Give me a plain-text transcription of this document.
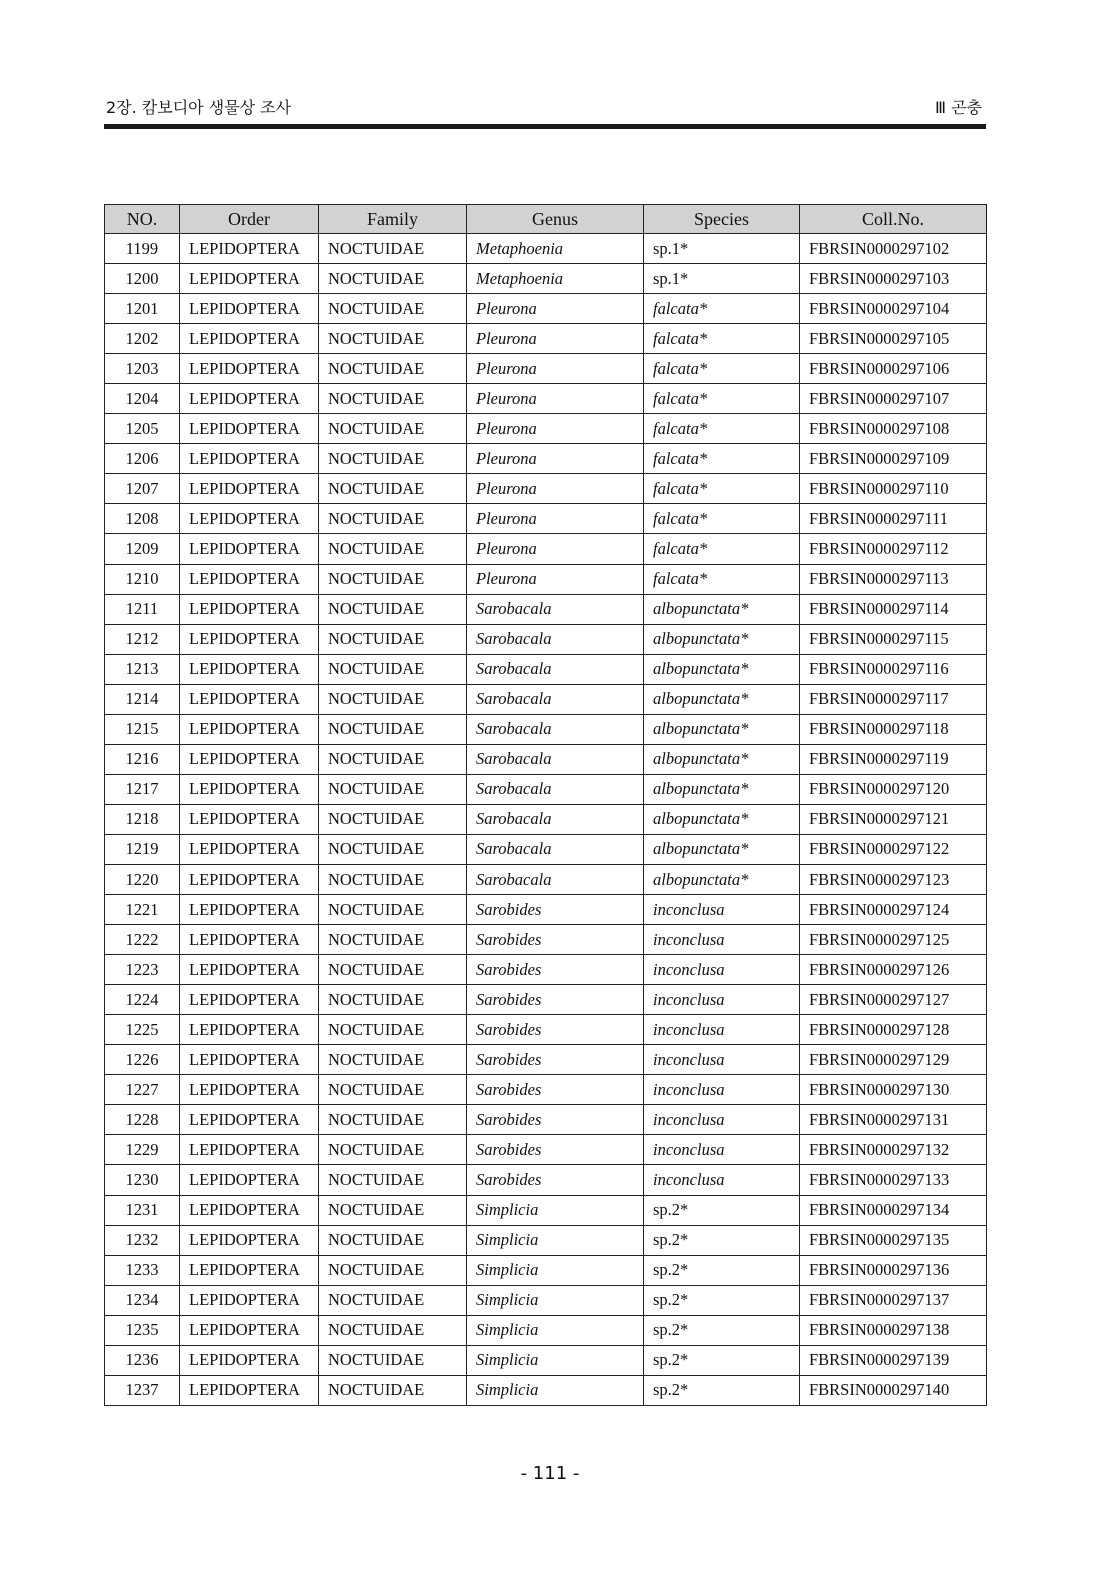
2장. 캄보디아 생물상 조사	Ⅲ 곤충
NO.	Order	Family	Genus	Species	Coll.No.
1199	LEPIDOPTERA	NOCTUIDAE	Metaphoenia	sp.1*	FBRSIN0000297102
1200	LEPIDOPTERA	NOCTUIDAE	Metaphoenia	sp.1*	FBRSIN0000297103
1201	LEPIDOPTERA	NOCTUIDAE	Pleurona	falcata*	FBRSIN0000297104
1202	LEPIDOPTERA	NOCTUIDAE	Pleurona	falcata*	FBRSIN0000297105
1203	LEPIDOPTERA	NOCTUIDAE	Pleurona	falcata*	FBRSIN0000297106
1204	LEPIDOPTERA	NOCTUIDAE	Pleurona	falcata*	FBRSIN0000297107
1205	LEPIDOPTERA	NOCTUIDAE	Pleurona	falcata*	FBRSIN0000297108
1206	LEPIDOPTERA	NOCTUIDAE	Pleurona	falcata*	FBRSIN0000297109
1207	LEPIDOPTERA	NOCTUIDAE	Pleurona	falcata*	FBRSIN0000297110
1208	LEPIDOPTERA	NOCTUIDAE	Pleurona	falcata*	FBRSIN0000297111
1209	LEPIDOPTERA	NOCTUIDAE	Pleurona	falcata*	FBRSIN0000297112
1210	LEPIDOPTERA	NOCTUIDAE	Pleurona	falcata*	FBRSIN0000297113
1211	LEPIDOPTERA	NOCTUIDAE	Sarobacala	albopunctata*	FBRSIN0000297114
1212	LEPIDOPTERA	NOCTUIDAE	Sarobacala	albopunctata*	FBRSIN0000297115
1213	LEPIDOPTERA	NOCTUIDAE	Sarobacala	albopunctata*	FBRSIN0000297116
1214	LEPIDOPTERA	NOCTUIDAE	Sarobacala	albopunctata*	FBRSIN0000297117
1215	LEPIDOPTERA	NOCTUIDAE	Sarobacala	albopunctata*	FBRSIN0000297118
1216	LEPIDOPTERA	NOCTUIDAE	Sarobacala	albopunctata*	FBRSIN0000297119
1217	LEPIDOPTERA	NOCTUIDAE	Sarobacala	albopunctata*	FBRSIN0000297120
1218	LEPIDOPTERA	NOCTUIDAE	Sarobacala	albopunctata*	FBRSIN0000297121
1219	LEPIDOPTERA	NOCTUIDAE	Sarobacala	albopunctata*	FBRSIN0000297122
1220	LEPIDOPTERA	NOCTUIDAE	Sarobacala	albopunctata*	FBRSIN0000297123
1221	LEPIDOPTERA	NOCTUIDAE	Sarobides	inconclusa	FBRSIN0000297124
1222	LEPIDOPTERA	NOCTUIDAE	Sarobides	inconclusa	FBRSIN0000297125
1223	LEPIDOPTERA	NOCTUIDAE	Sarobides	inconclusa	FBRSIN0000297126
1224	LEPIDOPTERA	NOCTUIDAE	Sarobides	inconclusa	FBRSIN0000297127
1225	LEPIDOPTERA	NOCTUIDAE	Sarobides	inconclusa	FBRSIN0000297128
1226	LEPIDOPTERA	NOCTUIDAE	Sarobides	inconclusa	FBRSIN0000297129
1227	LEPIDOPTERA	NOCTUIDAE	Sarobides	inconclusa	FBRSIN0000297130
1228	LEPIDOPTERA	NOCTUIDAE	Sarobides	inconclusa	FBRSIN0000297131
1229	LEPIDOPTERA	NOCTUIDAE	Sarobides	inconclusa	FBRSIN0000297132
1230	LEPIDOPTERA	NOCTUIDAE	Sarobides	inconclusa	FBRSIN0000297133
1231	LEPIDOPTERA	NOCTUIDAE	Simplicia	sp.2*	FBRSIN0000297134
1232	LEPIDOPTERA	NOCTUIDAE	Simplicia	sp.2*	FBRSIN0000297135
1233	LEPIDOPTERA	NOCTUIDAE	Simplicia	sp.2*	FBRSIN0000297136
1234	LEPIDOPTERA	NOCTUIDAE	Simplicia	sp.2*	FBRSIN0000297137
1235	LEPIDOPTERA	NOCTUIDAE	Simplicia	sp.2*	FBRSIN0000297138
1236	LEPIDOPTERA	NOCTUIDAE	Simplicia	sp.2*	FBRSIN0000297139
1237	LEPIDOPTERA	NOCTUIDAE	Simplicia	sp.2*	FBRSIN0000297140
- 111 -
